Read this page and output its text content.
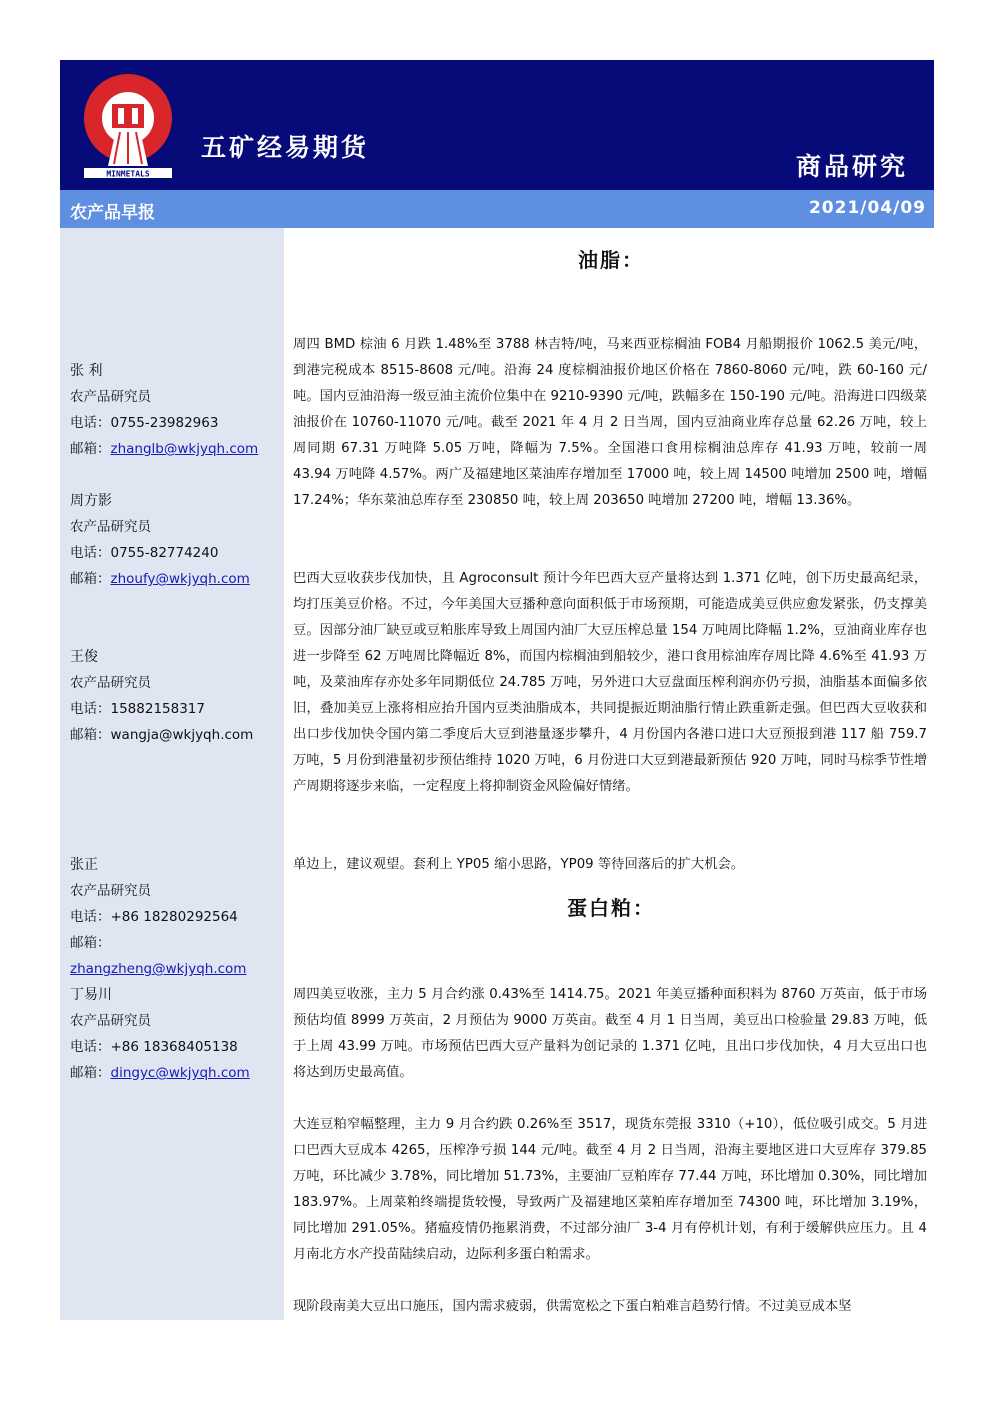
MINMETALS
五矿经易期货
商品研究
农产品早报	2021/04/09
张 利
农产品研究员
电话：0755-23982963
邮箱：zhanglb@wkjyqh.com
周方影
农产品研究员
电话：0755-82774240
邮箱：zhoufy@wkjyqh.com
王俊
农产品研究员
电话：15882158317
邮箱：wangja@wkjyqh.com
张正
农产品研究员
电话：+86 18280292564
邮箱：zhangzheng@wkjyqh.com
丁易川
农产品研究员
电话：+86 18368405138
邮箱：dingyc@wkjyqh.com
油脂：

周四 BMD 棕油 6 月跌 1.48%至 3788 林吉特/吨，马来西亚棕榈油 FOB4 月船期报价 1062.5 美元/吨，到港完税成本 8515-8608 元/吨。沿海 24 度棕榈油报价地区价格在 7860-8060 元/吨，跌 60-160 元/吨。国内豆油沿海一级豆油主流价位集中在 9210-9390 元/吨，跌幅多在 150-190 元/吨。沿海进口四级菜油报价在 10760-11070 元/吨。截至 2021 年 4 月 2 日当周，国内豆油商业库存总量 62.26 万吨，较上周同期 67.31 万吨降 5.05 万吨，降幅为 7.5%。全国港口食用棕榈油总库存 41.93 万吨，较前一周 43.94 万吨降 4.57%。两广及福建地区菜油库存增加至 17000 吨，较上周 14500 吨增加 2500 吨，增幅 17.24%；华东菜油总库存至 230850 吨，较上周 203650 吨增加 27200 吨，增幅 13.36%。

巴西大豆收获步伐加快，且 Agroconsult 预计今年巴西大豆产量将达到 1.371 亿吨，创下历史最高纪录，均打压美豆价格。不过，今年美国大豆播种意向面积低于市场预期，可能造成美豆供应愈发紧张，仍支撑美豆。因部分油厂缺豆或豆粕胀库导致上周国内油厂大豆压榨总量 154 万吨周比降幅 1.2%，豆油商业库存也进一步降至 62 万吨周比降幅近 8%，而国内棕榈油到船较少，港口食用棕油库存周比降 4.6%至 41.93 万吨，及菜油库存亦处多年同期低位 24.785 万吨，另外进口大豆盘面压榨利润亦仍亏损，油脂基本面偏多依旧，叠加美豆上涨将相应抬升国内豆类油脂成本，共同提振近期油脂行情止跌重新走强。但巴西大豆收获和出口步伐加快令国内第二季度后大豆到港量逐步攀升，4 月份国内各港口进口大豆预报到港 117 船 759.7 万吨，5 月份到港量初步预估维持 1020 万吨，6 月份进口大豆到港最新预估 920 万吨，同时马棕季节性增产周期将逐步来临，一定程度上将抑制资金风险偏好情绪。

单边上，建议观望。套利上 YP05 缩小思路，YP09 等待回落后的扩大机会。

蛋白粕：

周四美豆收涨，主力 5 月合约涨 0.43%至 1414.75。2021 年美豆播种面积料为 8760 万英亩，低于市场预估均值 8999 万英亩，2 月预估为 9000 万英亩。截至 4 月 1 日当周，美豆出口检验量 29.83 万吨，低于上周 43.99 万吨。市场预估巴西大豆产量料为创记录的 1.371 亿吨，且出口步伐加快，4 月大豆出口也将达到历史最高值。

大连豆粕窄幅整理，主力 9 月合约跌 0.26%至 3517，现货东莞报 3310（+10），低位吸引成交。5 月进口巴西大豆成本 4265，压榨净亏损 144 元/吨。截至 4 月 2 日当周，沿海主要地区进口大豆库存 379.85 万吨，环比减少 3.78%，同比增加 51.73%，主要油厂豆粕库存 77.44 万吨，环比增加 0.30%，同比增加 183.97%。上周菜粕终端提货较慢，导致两广及福建地区菜粕库存增加至 74300 吨，环比增加 3.19%，同比增加 291.05%。猪瘟疫情仍拖累消费，不过部分油厂 3-4 月有停机计划，有利于缓解供应压力。且 4 月南北方水产投苗陆续启动，边际利多蛋白粕需求。

现阶段南美大豆出口施压，国内需求疲弱，供需宽松之下蛋白粕难言趋势行情。不过美豆成本坚
